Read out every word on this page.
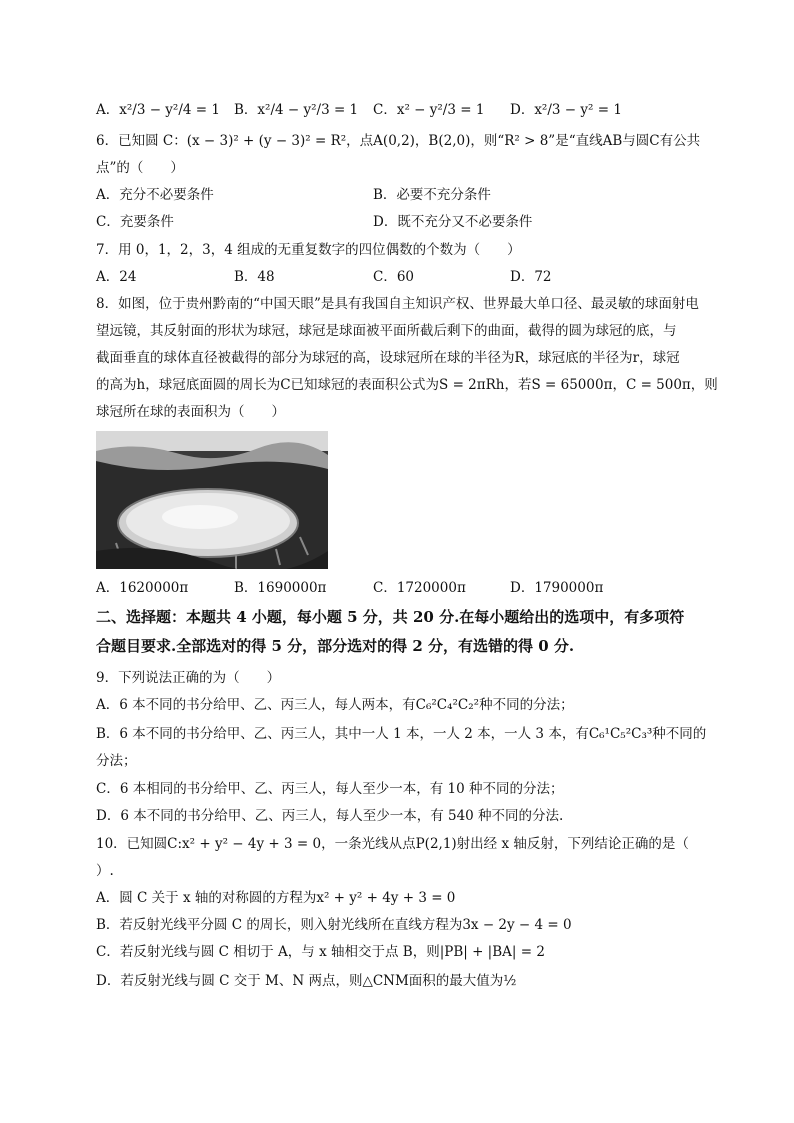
A．x²/3 − y²/4 = 1 B．x²/4 − y²/3 = 1 C．x² − y²/3 = 1 D．x²/3 − y² = 1
6．已知圆 C：(x − 3)² + (y − 3)² = R²，点A(0,2)，B(2,0)，则“R² > 8”是“直线AB与圆C有公共
点”的（　　）
A．充分不必要条件	B．必要不充分条件
C．充要条件	D．既不充分又不必要条件
7．用 0，1，2，3，4 组成的无重复数字的四位偶数的个数为（　　）
A．24	B．48	C．60	D．72
8．如图，位于贵州黔南的“中国天眼”是具有我国自主知识产权、世界最大单口径、最灵敏的球面射电
望远镜，其反射面的形状为球冠，球冠是球面被平面所截后剩下的曲面，截得的圆为球冠的底，与
截面垂直的球体直径被截得的部分为球冠的高，设球冠所在球的半径为R，球冠底的半径为r，球冠
的高为h，球冠底面圆的周长为C已知球冠的表面积公式为S = 2πRh，若S = 65000π，C = 500π，则
球冠所在球的表面积为（　　）
A．1620000π	B．1690000π	C．1720000π	D．1790000π
二、选择题：本题共 4 小题，每小题 5 分，共 20 分.在每小题给出的选项中，有多项符
合题目要求.全部选对的得 5 分，部分选对的得 2 分，有选错的得 0 分.
9．下列说法正确的为（　　）
A．6 本不同的书分给甲、乙、丙三人，每人两本，有C₆²C₄²C₂²种不同的分法；
B．6 本不同的书分给甲、乙、丙三人，其中一人 1 本，一人 2 本，一人 3 本，有C₆¹C₅²C₃³种不同的
分法；
C．6 本相同的书分给甲、乙、丙三人，每人至少一本，有 10 种不同的分法；
D．6 本不同的书分给甲、乙、丙三人，每人至少一本，有 540 种不同的分法.
10．已知圆C:x² + y² − 4y + 3 = 0，一条光线从点P(2,1)射出经 x 轴反射，下列结论正确的是（
）.
A．圆 C 关于 x 轴的对称圆的方程为x² + y² + 4y + 3 = 0
B．若反射光线平分圆 C 的周长，则入射光线所在直线方程为3x − 2y − 4 = 0
C．若反射光线与圆 C 相切于 A，与 x 轴相交于点 B，则|PB| + |BA| = 2
D．若反射光线与圆 C 交于 M、N 两点，则△CNM面积的最大值为½
